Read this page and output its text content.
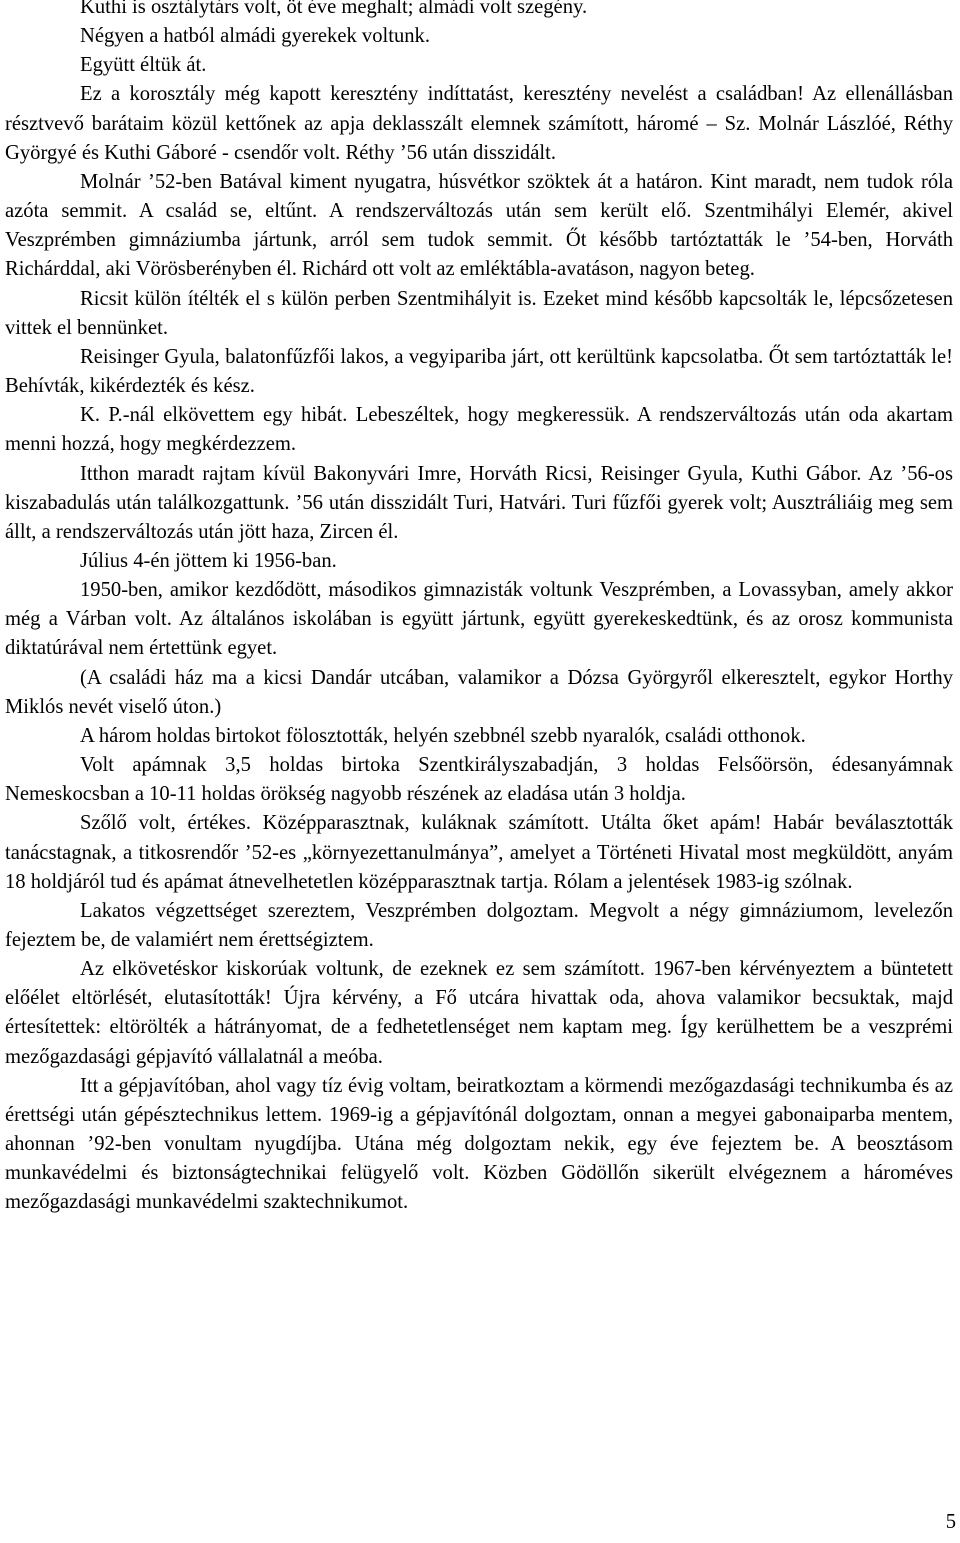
Kuthi is osztálytárs volt, öt éve meghalt; almádi volt szegény.

Négyen a hatból almádi gyerekek voltunk.

Együtt éltük át.

Ez a korosztály még kapott keresztény indíttatást, keresztény nevelést a családban! Az ellenállásban résztvevő barátaim közül kettőnek az apja deklasszált elemnek számított, háromé – Sz. Molnár Lászlóé, Réthy Györgyé és Kuthi Gáboré - csendőr volt. Réthy ’56 után disszidált.

Molnár ’52-ben Batával kiment nyugatra, húsvétkor szöktek át a határon. Kint maradt, nem tudok róla azóta semmit. A család se, eltűnt. A rendszerváltozás után sem került elő. Szentmihályi Elemér, akivel Veszprémben gimnáziumba jártunk, arról sem tudok semmit. Őt később tartóztatták le ’54-ben, Horváth Richárddal, aki Vörösberényben él. Richárd ott volt az emléktábla-avatáson, nagyon beteg.

Ricsit külön ítélték el s külön perben Szentmihályit is. Ezeket mind később kapcsolták le, lépcsőzetesen vittek el bennünket.

Reisinger Gyula, balatonfűzfői lakos, a vegyipariba járt, ott kerültünk kapcsolatba. Őt sem tartóztatták le! Behívták, kikérdezték és kész.

K. P.-nál elkövettem egy hibát. Lebeszéltek, hogy megkeressük. A rendszerváltozás után oda akartam menni hozzá, hogy megkérdezzem.

Itthon maradt rajtam kívül Bakonyvári Imre, Horváth Ricsi, Reisinger Gyula, Kuthi Gábor. Az ’56-os kiszabadulás után találkozgattunk. ’56 után disszidált Turi, Hatvári. Turi fűzfői gyerek volt; Ausztráliáig meg sem állt, a rendszerváltozás után jött haza, Zircen él.

Július 4-én jöttem ki 1956-ban.

1950-ben, amikor kezdődött, másodikos gimnazisták voltunk Veszprémben, a Lovassyban, amely akkor még a Várban volt. Az általános iskolában is együtt jártunk, együtt gyerekeskedtünk, és az orosz kommunista diktatúrával nem értettünk egyet.

(A családi ház ma a kicsi Dandár utcában, valamikor a Dózsa Györgyről elkeresztelt, egykor Horthy Miklós nevét viselő úton.)

A három holdas birtokot fölosztották, helyén szebbnél szebb nyaralók, családi otthonok.

Volt apámnak 3,5 holdas birtoka Szentkirályszabadján, 3 holdas Felsőörsön, édesanyámnak Nemeskocsban a 10-11 holdas örökség nagyobb részének az eladása után 3 holdja.

Szőlő volt, értékes. Középparasztnak, kuláknak számított. Utálta őket apám! Habár beválasztották tanácstagnak, a titkosrendőr ’52-es „környezettanulmánya”, amelyet a Történeti Hivatal most megküldött, anyám 18 holdjáról tud és apámat átnevelhetetlen középparasztnak tartja. Rólam a jelentések 1983-ig szólnak.

Lakatos végzettséget szereztem, Veszprémben dolgoztam. Megvolt a négy gimnáziumom, levelezőn fejeztem be, de valamiért nem érettségiztem.

Az elkövetéskor kiskorúak voltunk, de ezeknek ez sem számított. 1967-ben kérvényeztem a büntetett előélet eltörlését, elutasították! Újra kérvény, a Fő utcára hivattak oda, ahova valamikor becsuktak, majd értesítettek: eltörölték a hátrányomat, de a fedhetetlenséget nem kaptam meg. Így kerülhettem be a veszprémi mezőgazdasági gépjavító vállalatnál a meóba.

Itt a gépjavítóban, ahol vagy tíz évig voltam, beiratkoztam a körmendi mezőgazdasági technikumba és az érettségi után gépésztechnikus lettem. 1969-ig a gépjavítónál dolgoztam, onnan a megyei gabonaiparba mentem, ahonnan ’92-ben vonultam nyugdíjba. Utána még dolgoztam nekik, egy éve fejeztem be. A beosztásom munkavédelmi és biztonságtechnikai felügyelő volt. Közben Gödöllőn sikerült elvégeznem a hároméves mezőgazdasági munkavédelmi szaktechnikumot.

5
